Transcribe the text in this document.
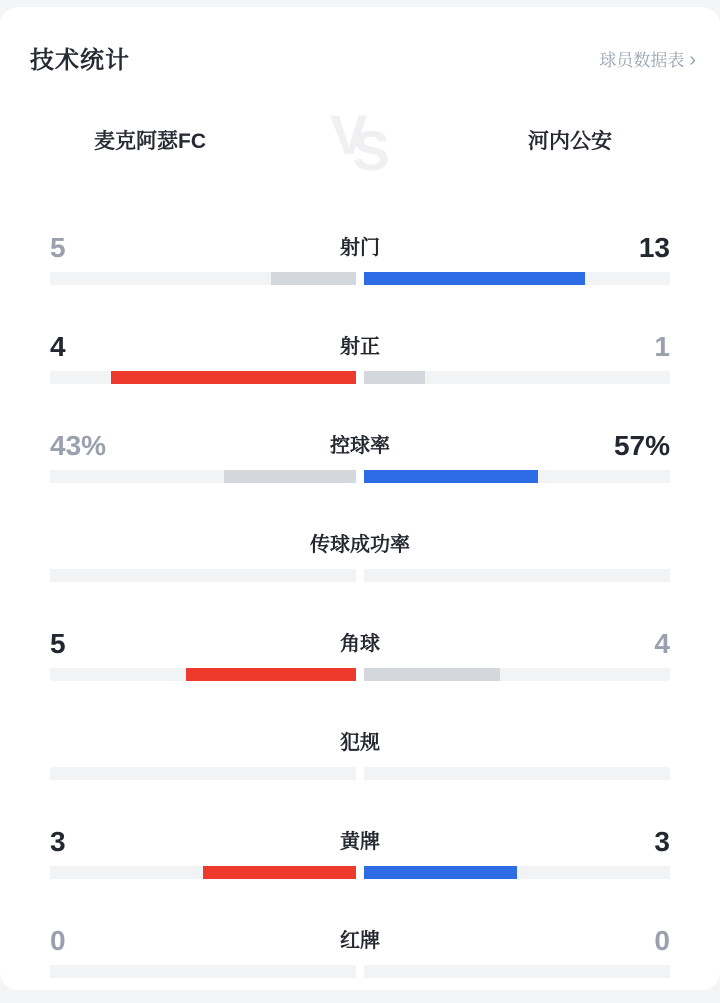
技术统计	球员数据表 ›
麦克阿瑟FC	河内公安
VS
5	射门	13
4	射正	1
43%	控球率	57%
传球成功率
5	角球	4
犯规
3	黄牌	3
0	红牌	0
